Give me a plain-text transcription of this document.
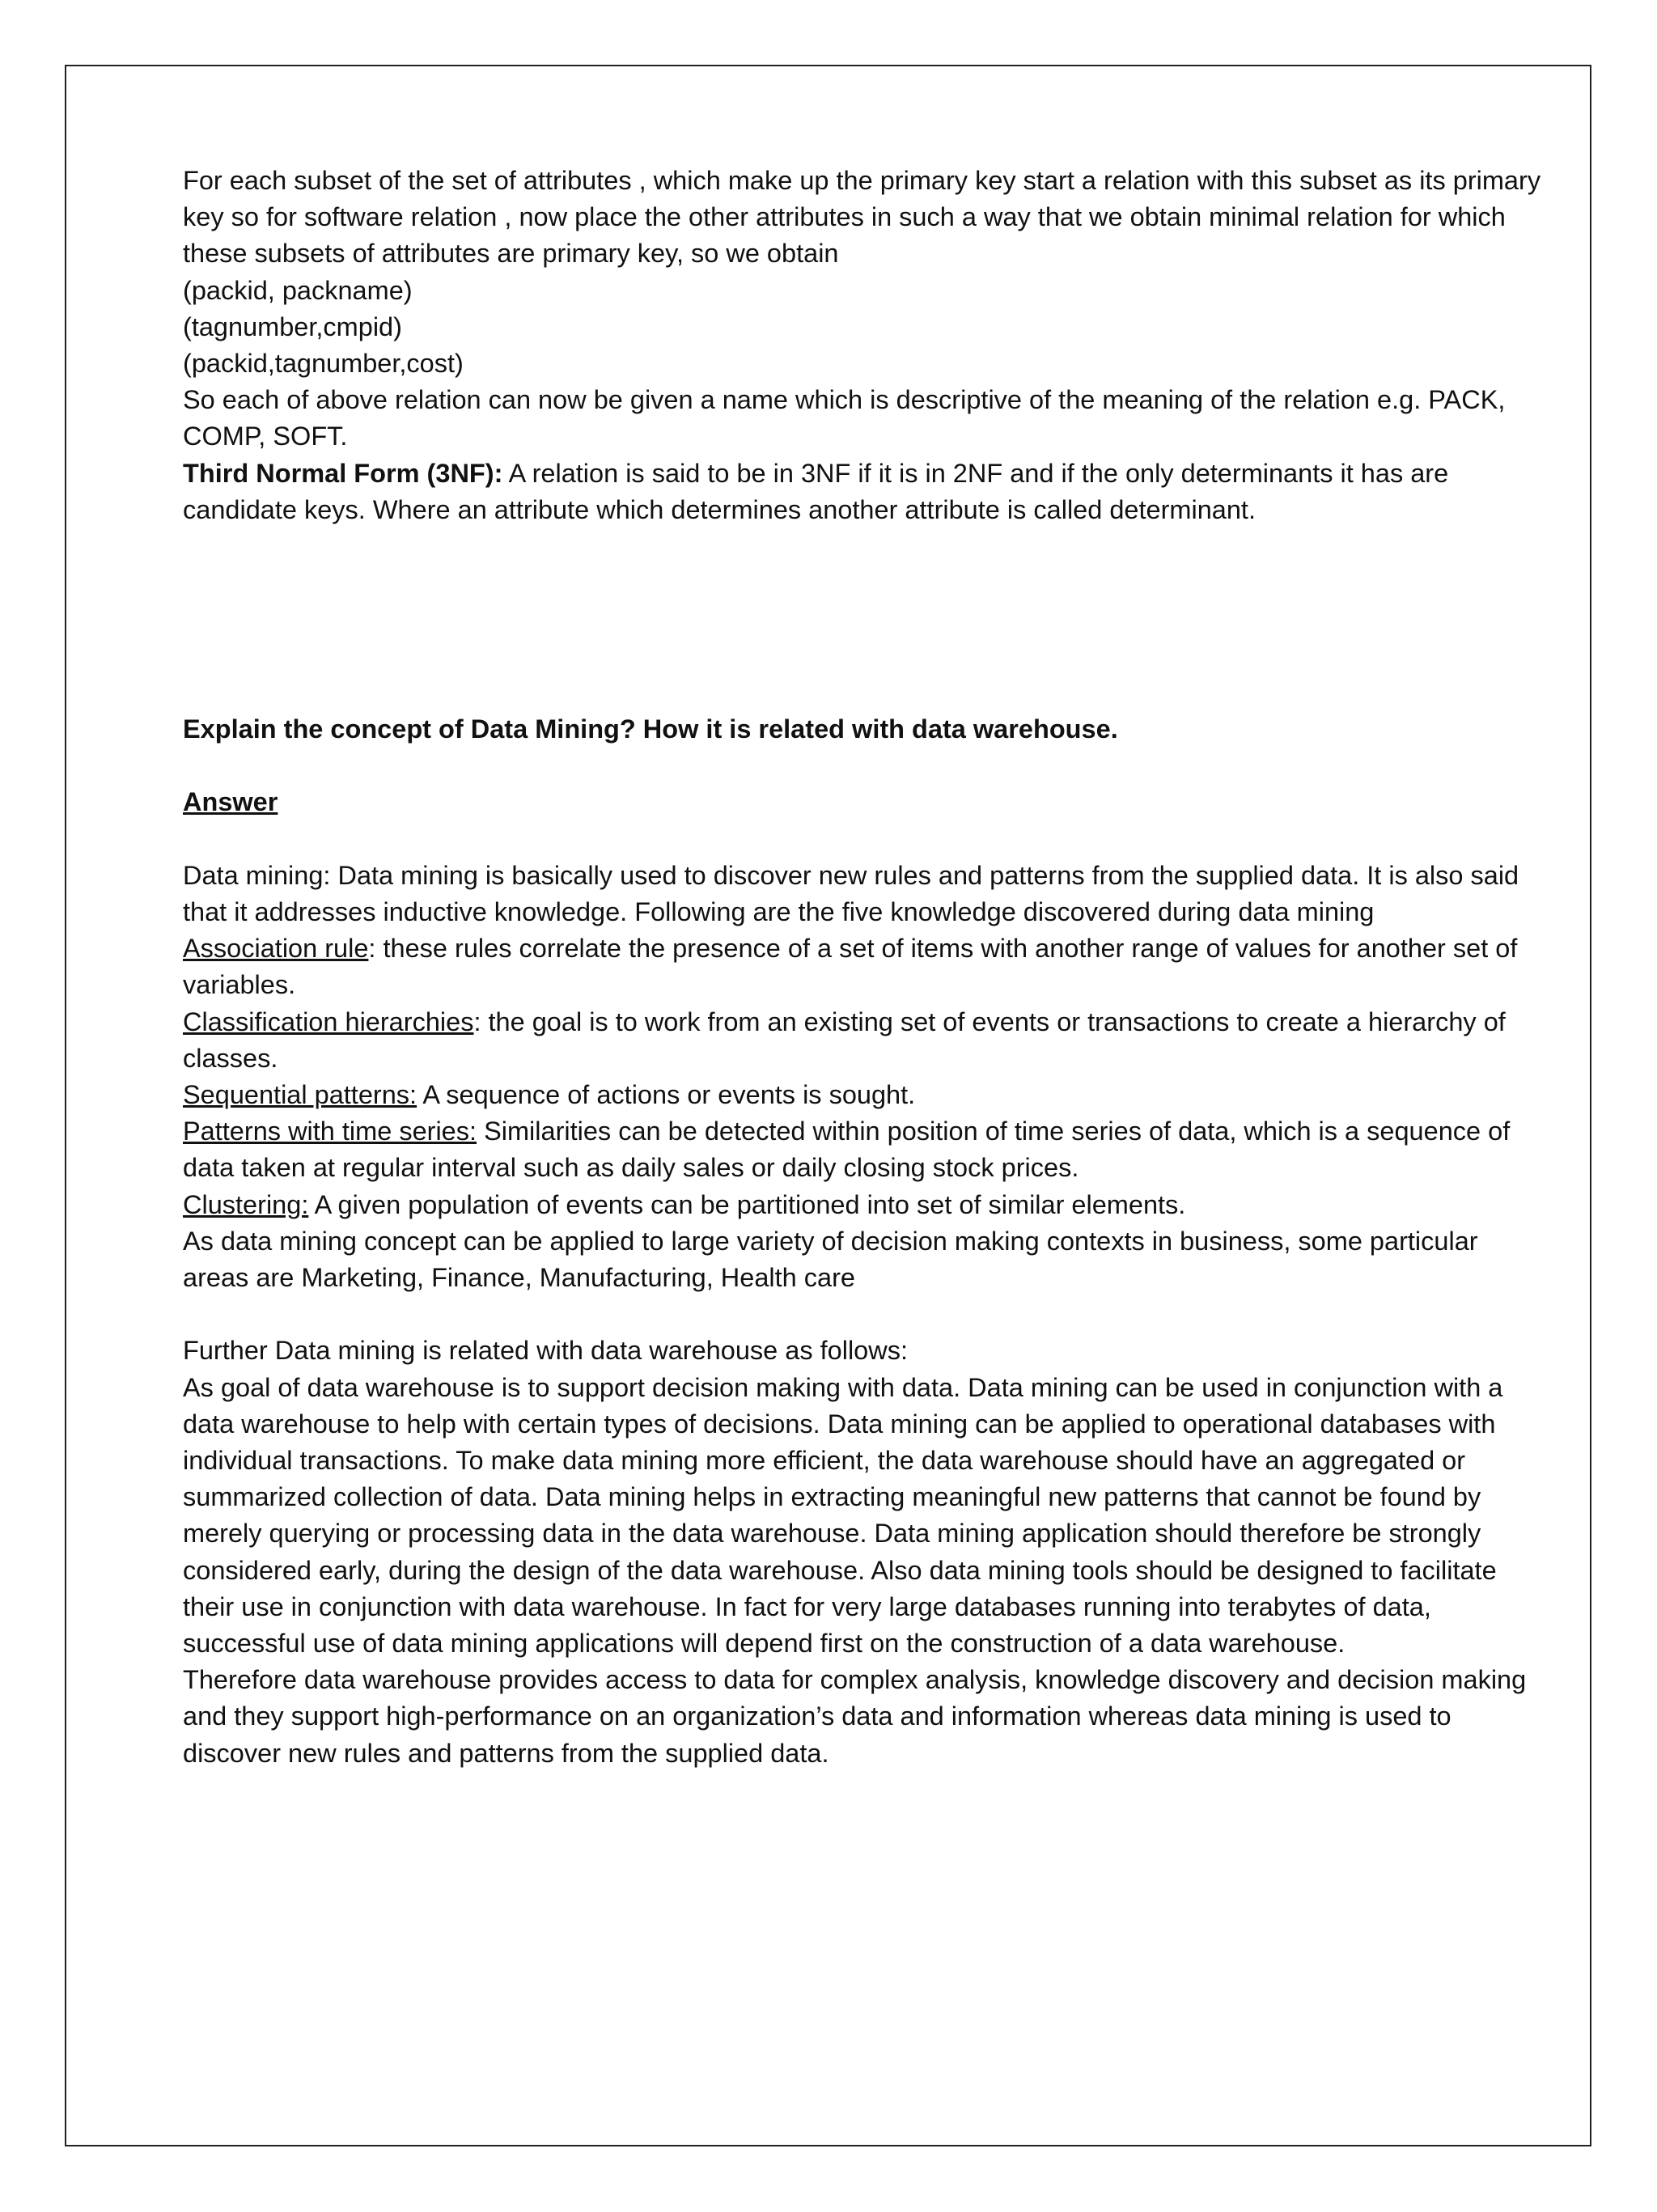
For each subset of the set of attributes , which make up the primary key start a relation with this subset as its primary key so for software relation , now place the other attributes in such a way that we obtain minimal relation for which these subsets of attributes are primary key, so we obtain

(packid, packname)

(tagnumber,cmpid)

(packid,tagnumber,cost)

So each of above relation can now be given a name which is descriptive of the meaning of the relation e.g. PACK, COMP, SOFT.

Third Normal Form (3NF): A relation is said to be in 3NF if it is in 2NF and if the only determinants it has are candidate keys. Where an attribute which determines another attribute is called determinant.

Explain the concept of Data Mining? How it is related with data warehouse.

Answer

Data mining: Data mining is basically used to discover new rules and patterns from the supplied data. It is also said that it addresses inductive knowledge. Following are the five knowledge discovered during data mining

Association rule: these rules correlate the presence of a set of items with another range of values for another set of variables.

Classification hierarchies: the goal is to work from an existing set of events or transactions to create a hierarchy of classes.

Sequential patterns: A sequence of actions or events is sought.

Patterns with time series: Similarities can be detected within position of time series of data, which is a sequence of data taken at regular interval such as daily sales or daily closing stock prices.

Clustering: A given population of events can be partitioned into set of similar elements.

As data mining concept can be applied to large variety of decision making contexts in business, some particular areas are Marketing, Finance, Manufacturing, Health care

Further Data mining is related with data warehouse as follows:

As goal of data warehouse is to support decision making with data. Data mining can be used in conjunction with a data warehouse to help with certain types of decisions. Data mining can be applied to operational databases with individual transactions. To make data mining more efficient, the data warehouse should have an aggregated or summarized collection of data. Data mining helps in extracting meaningful new patterns that cannot be found by merely querying or processing data in the data warehouse. Data mining application should therefore be strongly considered early, during the design of the data warehouse. Also data mining tools should be designed to facilitate their use in conjunction with data warehouse. In fact for very large databases running into terabytes of data, successful use of data mining applications will depend first on the construction of a data warehouse.

Therefore data warehouse provides access to data for complex analysis, knowledge discovery and decision making and they support high-performance on an organization’s data and information whereas data mining is used to discover new rules and patterns from the supplied data.
